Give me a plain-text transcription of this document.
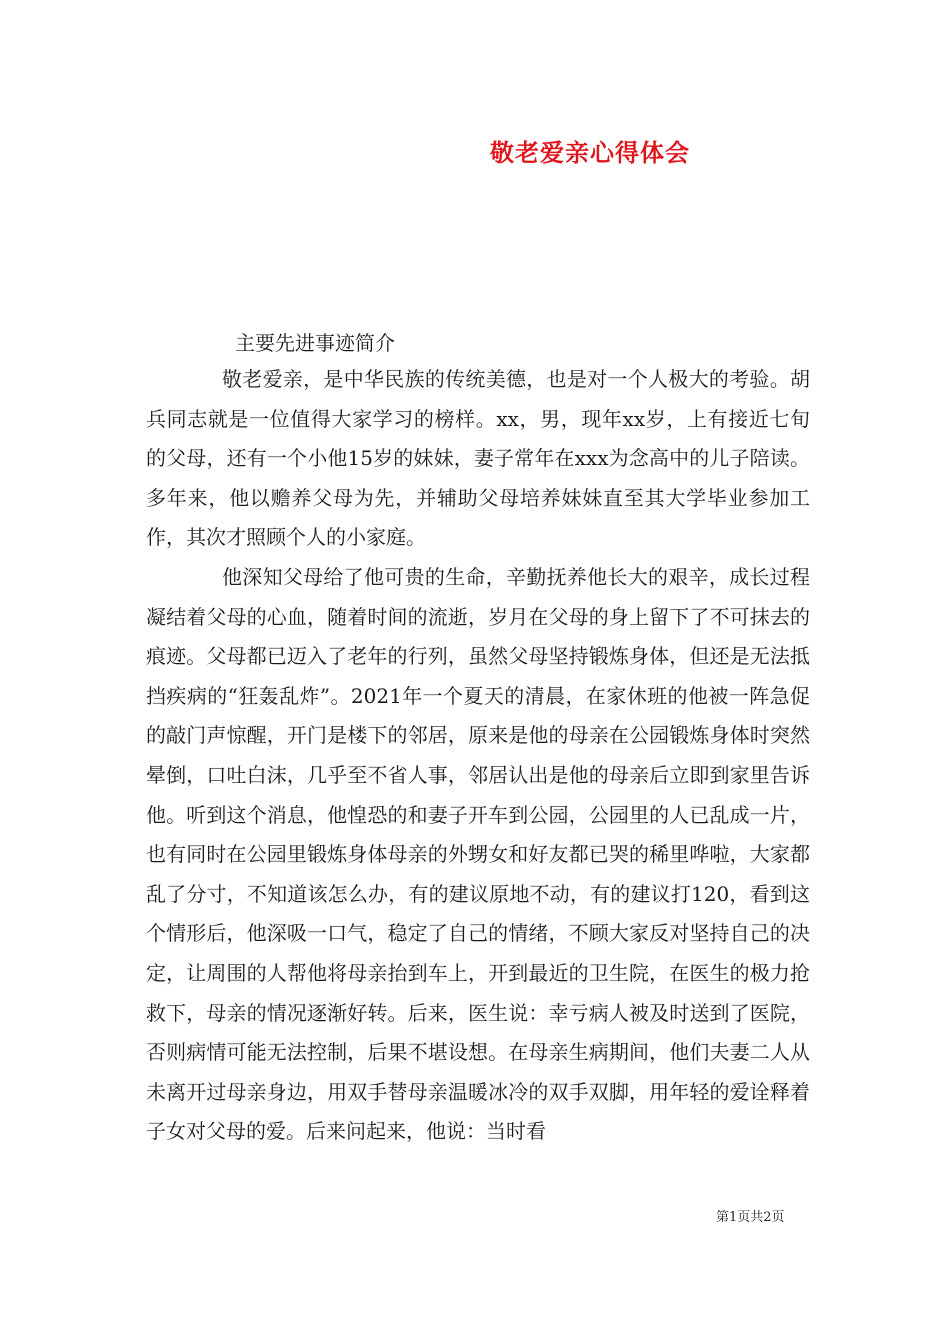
敬老爱亲心得体会

主要先进事迹简介

敬老爱亲，是中华民族的传统美德，也是对一个人极大的考验。胡兵同志就是一位值得大家学习的榜样。xx，男，现年xx岁，上有接近七旬的父母，还有一个小他15岁的妹妹，妻子常年在xxx为念高中的儿子陪读。多年来，他以赡养父母为先，并辅助父母培养妹妹直至其大学毕业参加工作，其次才照顾个人的小家庭。

他深知父母给了他可贵的生命，辛勤抚养他长大的艰辛，成长过程凝结着父母的心血，随着时间的流逝，岁月在父母的身上留下了不可抹去的痕迹。父母都已迈入了老年的行列，虽然父母坚持锻炼身体，但还是无法抵挡疾病的“狂轰乱炸”。2021年一个夏天的清晨，在家休班的他被一阵急促的敲门声惊醒，开门是楼下的邻居，原来是他的母亲在公园锻炼身体时突然晕倒，口吐白沫，几乎至不省人事，邻居认出是他的母亲后立即到家里告诉他。听到这个消息，他惶恐的和妻子开车到公园，公园里的人已乱成一片，也有同时在公园里锻炼身体母亲的外甥女和好友都已哭的稀里哗啦，大家都乱了分寸，不知道该怎么办，有的建议原地不动，有的建议打120，看到这个情形后，他深吸一口气，稳定了自己的情绪，不顾大家反对坚持自己的决定，让周围的人帮他将母亲抬到车上，开到最近的卫生院，在医生的极力抢救下，母亲的情况逐渐好转。后来，医生说：幸亏病人被及时送到了医院，否则病情可能无法控制，后果不堪设想。在母亲生病期间，他们夫妻二人从未离开过母亲身边，用双手替母亲温暖冰冷的双手双脚，用年轻的爱诠释着子女对父母的爱。后来问起来，他说：当时看

第1页共2页
